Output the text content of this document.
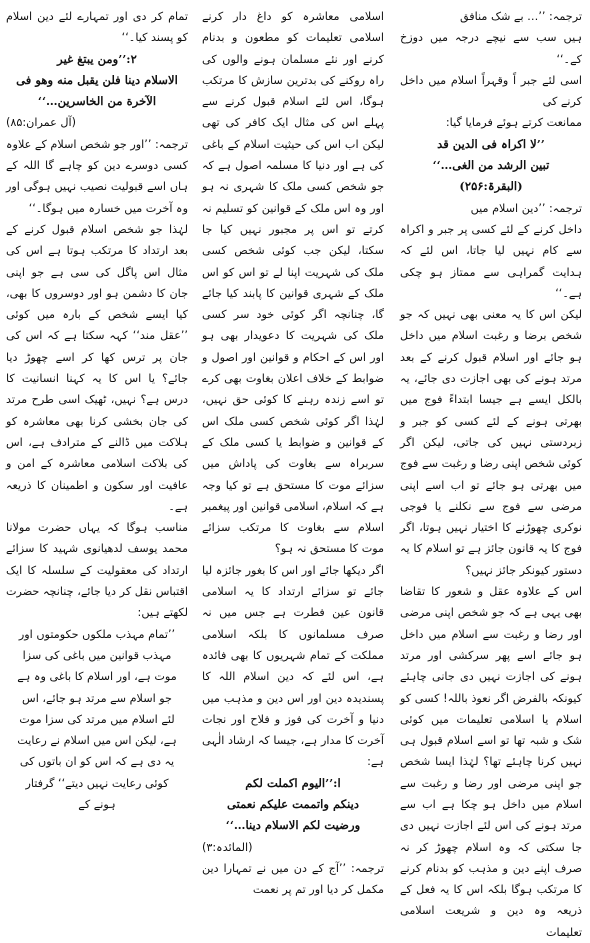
ترجمہ: ’’… بے شک منافق

ہیں سب سے نیچے درجہ میں دوزخ کے۔‘‘

اسی لئے جبر اً وقہراً اسلام میں داخل کرنے کی

ممانعت کرتے ہوئے فرمایا گیا:

’’لا اکراہ فی الدین قد

تبین الرشد من الغی…‘‘ (البقرۃ:۲۵۶)

ترجمہ: ’’دین اسلام میں

داخل کرنے کے لئے کسی پر جبر و اکراہ سے کام نہیں لیا جاتا، اس لئے کہ ہدایت گمراہی سے ممتاز ہو چکی ہے۔‘‘

لیکن اس کا یہ معنی بھی نہیں کہ جو شخص برضا و رغبت اسلام میں داخل ہو جائے اور اسلام قبول کرنے کے بعد مرتد ہونے کی بھی اجازت دی جائے، یہ بالکل ایسے ہے جیسا ابتداءً فوج میں بھرتی ہونے کے لئے کسی کو جبر و زبردستی نہیں کی جاتی، لیکن اگر کوئی شخص اپنی رضا و رغبت سے فوج میں بھرتی ہو جائے تو اب اسے اپنی مرضی سے فوج سے نکلنے یا فوجی نوکری چھوڑنے کا اختیار نہیں ہوتا، اگر فوج کا یہ قانون جائز ہے تو اسلام کا یہ دستور کیونکر جائز نہیں؟

اس کے علاوہ عقل و شعور کا تقاضا بھی یہی ہے کہ جو شخص اپنی مرضی اور رضا و رغبت سے اسلام میں داخل ہو جائے اسے پھر سرکشی اور مرتد ہونے کی اجازت نہیں دی جانی چاہئے کیونکہ بالفرض اگر نعوذ باللہ! کسی کو اسلام یا اسلامی تعلیمات میں کوئی شک و شبہ تھا تو اسے اسلام قبول ہی نہیں کرنا چاہئے تھا؟ لہٰذا ایسا شخص جو اپنی مرضی اور رضا و رغبت سے اسلام میں داخل ہو چکا ہے اب سے مرتد ہونے کی اس لئے اجازت نہیں دی جا سکتی کہ وہ اسلام چھوڑ کر نہ صرف اپنے دین و مذہب کو بدنام کرنے کا مرتکب ہوگا بلکہ اس کا یہ فعل کے ذریعہ وہ دین و شریعت اسلامی تعلیمات

اسلامی معاشرہ کو داغ دار کرنے اسلامی تعلیمات کو مطعون و بدنام کرنے اور نئے مسلمان ہونے والوں کی راہ روکنے کی بدترین سازش کا مرتکب ہوگا، اس لئے اسلام قبول کرنے سے پہلے اس کی مثال ایک کافر کی تھی لیکن اب اس کی حیثیت اسلام کے باغی کی ہے اور دنیا کا مسلمہ اصول ہے کہ جو شخص کسی ملک کا شہری نہ ہو اور وہ اس ملک کے قوانین کو تسلیم نہ کرتے تو اس پر مجبور نہیں کیا جا سکتا، لیکن جب کوئی شخص کسی ملک کی شہریت اپنا لے تو اس کو اس ملک کے شہری قوانین کا پابند کیا جائے گا، چنانچہ اگر کوئی خود سر کسی ملک کی شہریت کا دعویدار بھی ہو اور اس کے احکام و قوانین اور اصول و ضوابط کے خلاف اعلان بغاوت بھی کرے تو اسے زندہ رہنے کا کوئی حق نہیں، لہٰذا اگر کوئی شخص کسی ملک اس کے قوانین و ضوابط یا کسی ملک کے سربراہ سے بغاوت کی پاداش میں سزائے موت کا مستحق ہے تو کیا وجہ ہے کہ اسلام، اسلامی قوانین اور پیغمبر اسلام سے بغاوت کا مرتکب سزائے موت کا مستحق نہ ہو؟

اگر دیکھا جائے اور اس کا بغور جائزہ لیا جائے تو سزائے ارتداد کا یہ اسلامی قانون عین فطرت ہے جس میں نہ صرف مسلمانوں کا بلکہ اسلامی مملکت کے تمام شہریوں کا بھی فائدہ ہے، اس لئے کہ دین اسلام اللہ کا پسندیدہ دین اور اس دین و مذہب میں دنیا و آخرت کی فوز و فلاح اور نجات آخرت کا مدار ہے، جیسا کہ ارشاد الٰہی ہے:

ا:’’الیوم اکملت لکم

دینکم واتممت علیکم نعمتی

ورضیت لکم الاسلام دینا…‘‘

(المائدہ:۳)

ترجمہ: ’’آج کے دن میں نے تمہارا دین مکمل کر دیا اور تم پر نعمت

تمام کر دی اور تمہارے لئے دین اسلام کو پسند کیا۔‘‘

۲:’’ومن یبتغ غیر

الاسلام دینا فلن یقبل منه وهو فی

الآخرة من الخاسرین…‘‘

(آل عمران:۸۵)

ترجمہ: ’’اور جو شخص اسلام کے علاوہ کسی دوسرے دین کو چاہے گا اللہ کے ہاں اسے قبولیت نصیب نہیں ہوگی اور وہ آخرت میں خسارہ میں ہوگا۔‘‘

لہٰذا جو شخص اسلام قبول کرنے کے بعد ارتداد کا مرتکب ہوتا ہے اس کی مثال اس پاگل کی سی ہے جو اپنی جان کا دشمن ہو اور دوسروں کا بھی، کیا ایسے شخص کے بارہ میں کوئی ’’عقل مند‘‘ کہہ سکتا ہے کہ اس کی جان پر ترس کھا کر اسے چھوڑ دیا جائے؟ یا اس کا یہ کہنا انسانیت کا درس ہے؟ نہیں، ٹھیک اسی طرح مرتد کی جان بخشی کرنا بھی معاشرہ کو ہلاکت میں ڈالنے کے مترادف ہے، اس کی بلاکت اسلامی معاشرہ کے امن و عافیت اور سکون و اطمینان کا ذریعہ ہے۔

مناسب ہوگا کہ یہاں حضرت مولانا محمد یوسف لدھیانوی شہید کا سزائے ارتداد کی معقولیت کے سلسلہ کا ایک اقتباس نقل کر دیا جائے، چنانچہ حضرت لکھتے ہیں:

’’تمام مہذب ملکوں حکومتوں اور مہذب قوانین میں باغی کی سزا موت ہے، اور اسلام کا باغی وہ ہے جو اسلام سے مرتد ہو جائے، اس لئے اسلام میں مرتد کی سزا موت ہے، لیکن اس میں اسلام نے رعایت یہ دی ہے کہ اس کو ان باتوں کی کوئی رعایت نہیں دیتے‘‘ گرفتار ہونے کے
